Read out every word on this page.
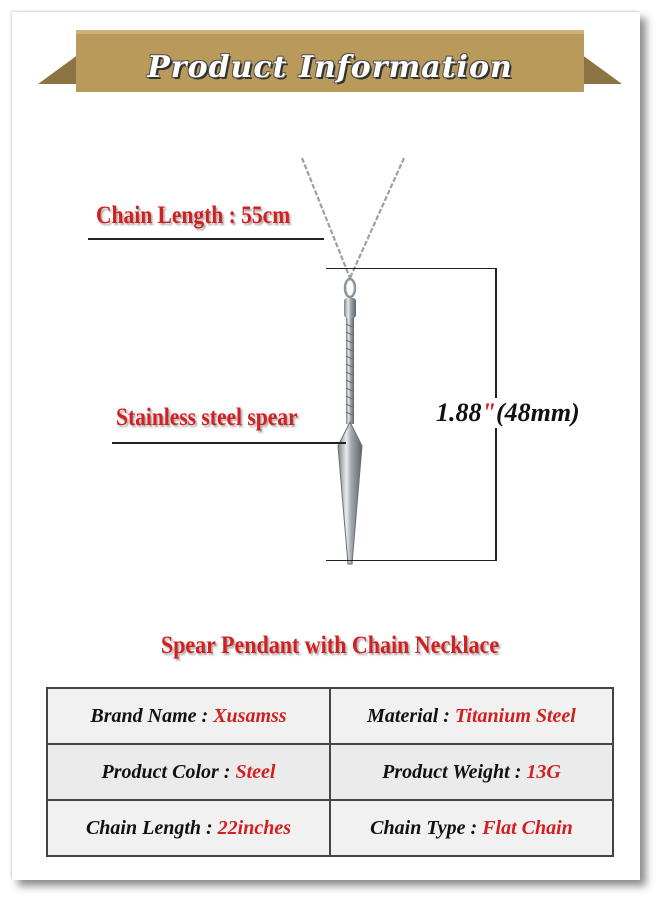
Product Information
Chain Length : 55cm
Stainless steel spear	1.88"(48mm)
Spear Pendant with Chain Necklace
Brand Name : Xusamss	Material : Titanium Steel
Product Color : Steel	Product Weight : 13G
Chain Length : 22inches	Chain Type : Flat Chain
